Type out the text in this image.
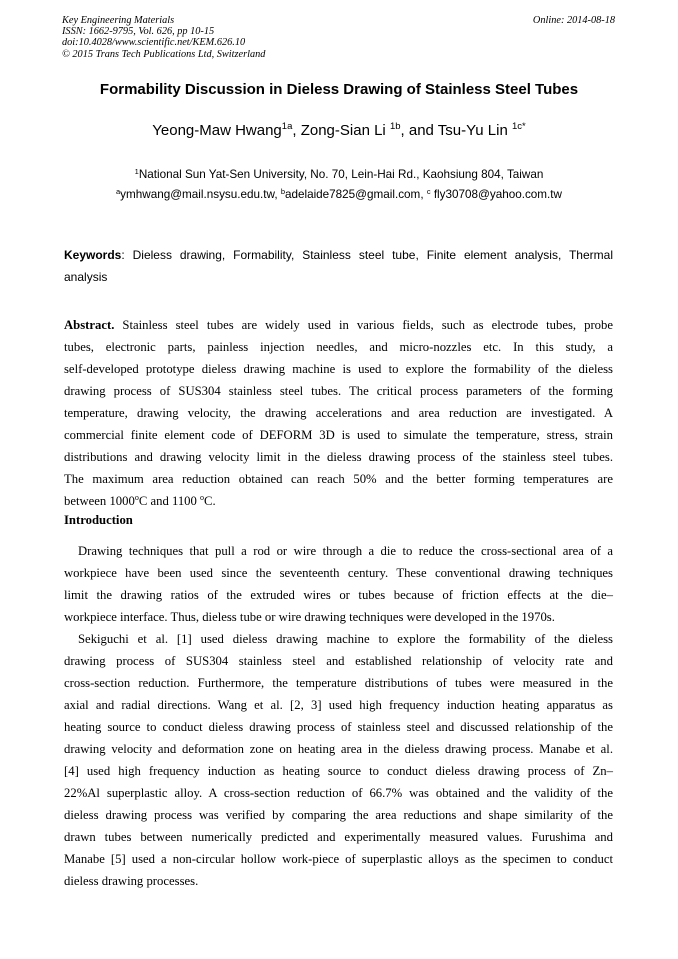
Key Engineering Materials
ISSN: 1662-9795, Vol. 626, pp 10-15
doi:10.4028/www.scientific.net/KEM.626.10
© 2015 Trans Tech Publications Ltd, Switzerland
Online: 2014-08-18
Formability Discussion in Dieless Drawing of Stainless Steel Tubes
Yeong-Maw Hwang$^{1a}$, Zong-Sian Li $^{1b}$, and Tsu-Yu Lin $^{1c*}$
$^1$National Sun Yat-Sen University, No. 70, Lein-Hai Rd., Kaohsiung 804, Taiwan
$^a$ymhwang@mail.nsysu.edu.tw, $^b$adelaide7825@gmail.com, $^c$ fly30708@yahoo.com.tw
Keywords: Dieless drawing, Formability, Stainless steel tube, Finite element analysis, Thermal
analysis
Abstract. Stainless steel tubes are widely used in various fields, such as electrode tubes, probe
tubes, electronic parts, painless injection needles, and micro-nozzles etc. In this study, a
self-developed prototype dieless drawing machine is used to explore the formability of the dieless
drawing process of SUS304 stainless steel tubes. The critical process parameters of the forming
temperature, drawing velocity, the drawing accelerations and area reduction are investigated. A
commercial finite element code of DEFORM 3D is used to simulate the temperature, stress, strain
distributions and drawing velocity limit in the dieless drawing process of the stainless steel tubes.
The maximum area reduction obtained can reach 50% and the better forming temperatures are
between 1000$^o$C and 1100 $^o$C.
Introduction
Drawing techniques that pull a rod or wire through a die to reduce the cross-sectional area of a
workpiece have been used since the seventeenth century. These conventional drawing techniques
limit the drawing ratios of the extruded wires or tubes because of friction effects at the die–
workpiece interface. Thus, dieless tube or wire drawing techniques were developed in the 1970s.
Sekiguchi et al. [1] used dieless drawing machine to explore the formability of the dieless
drawing process of SUS304 stainless steel and established relationship of velocity rate and
cross-section reduction. Furthermore, the temperature distributions of tubes were measured in the
axial and radial directions. Wang et al. [2, 3] used high frequency induction heating apparatus as
heating source to conduct dieless drawing process of stainless steel and discussed relationship of the
drawing velocity and deformation zone on heating area in the dieless drawing process. Manabe et al.
[4] used high frequency induction as heating source to conduct dieless drawing process of Zn–
22%Al superplastic alloy. A cross-section reduction of 66.7% was obtained and the validity of the
dieless drawing process was verified by comparing the area reductions and shape similarity of the
drawn tubes between numerically predicted and experimentally measured values. Furushima and
Manabe [5] used a non-circular hollow work-piece of superplastic alloys as the specimen to conduct
dieless drawing processes.
